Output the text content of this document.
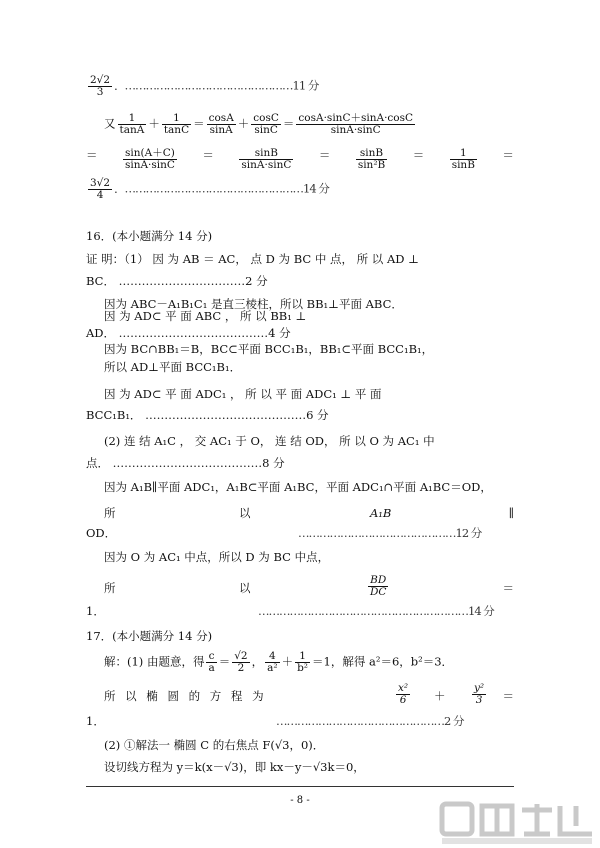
$\frac{2√2}{3}$ ．…………………………………………11 分
又 $\frac{1}{\tan A} + \frac{1}{\tan C} = \frac{\cos A}{\sin A} + \frac{\cos C}{\sin C} = \frac{\cos A\cdot\sin C+\sin A\cdot\cos C}{\sin A\cdot\sin C}$
＝ $\frac{\sin(A+C)}{\sin A\cdot\sin C} = \frac{\sin B}{\sin A\cdot\sin C} = \frac{\sin B}{\text{sin²B}} = \frac{1}{\sin B}$ ＝
$\frac{3√2}{4}$ ．……………………………………………14 分
16．(本小题满分 14 分)
证 明：（1） 因 为 AB ＝ AC， 点 D 为 BC 中 点， 所 以 AD ⊥
BC． ……………………………2 分
因为 ABC－A₁B₁C₁ 是直三棱柱，所以 BB₁⊥平面 ABC．
因 为 AD⊂ 平 面 ABC ， 所 以 BB₁ ⊥
AD． …………………………………4 分
因为 BC∩BB₁＝B，BC⊂平面 BCC₁B₁，BB₁⊂平面 BCC₁B₁，
所以 AD⊥平面 BCC₁B₁．
因 为 AD⊂ 平 面 ADC₁ ， 所 以 平 面 ADC₁ ⊥ 平 面
BCC₁B₁． ……………………………………6 分
(2) 连 结 A₁C ， 交 AC₁ 于 O， 连 结 OD， 所 以 O 为 AC₁ 中
点． …………………………………8 分
因为 A₁B∥平面 ADC₁，A₁B⊂平面 A₁BC，平面 ADC₁∩平面 A₁BC＝OD，
所	以	A₁B	∥
OD．	………………………………………12 分
因为 O 为 AC₁ 中点，所以 D 为 BC 中点，
所	以	$\frac{BD}{DC}$	＝
1．	……………………………………………………14 分
17．(本小题满分 14 分)
解：(1) 由题意，得 $\frac{c}{a} = \frac{√2}{2}$ ， $\frac{4}{\text{a²}} + \frac{1}{\text{b²}} =1$，解得 a²＝6，b²＝3．
所 以 椭 圆 的 方 程 为	$\frac{\text{x²}}{6}$ ＋	$\frac{\text{y²}}{3}$ ＝
1．	…………………………………………2 分
(2) ①解法一 椭圆 C 的右焦点 F(√3，0)．
设切线方程为 y＝k(x－√3)，即 kx－y－√3k＝0，
- 8 -
